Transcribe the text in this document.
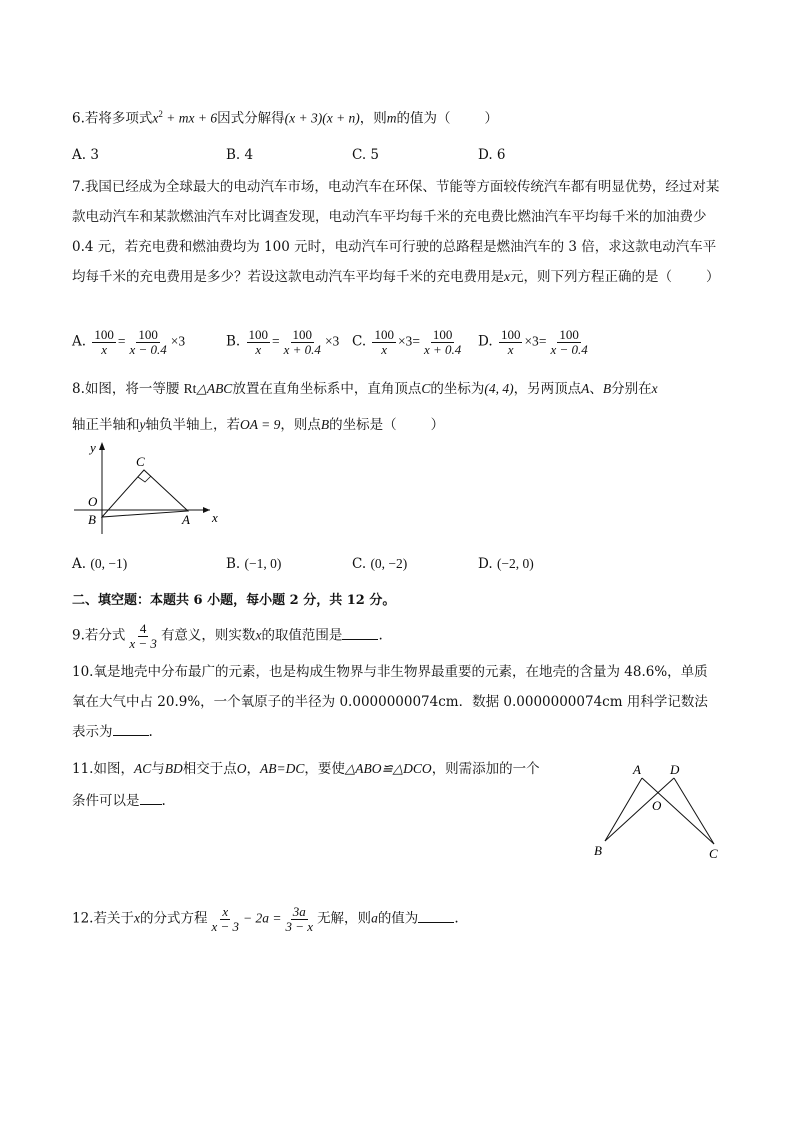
6.若将多项式$x^2$ + mx + 6因式分解得(x + 3)(x + n)，则m的值为（	）
A. 3	B. 4	C. 5	D. 6
7.我国已经成为全球最大的电动汽车市场，电动汽车在环保、节能等方面较传统汽车都有明显优势，经过对某款电动汽车和某款燃油汽车对比调查发现，电动汽车平均每千米的充电费比燃油汽车平均每千米的加油费少 0.4 元，若充电费和燃油费均为 100 元时，电动汽车可行驶的总路程是燃油汽车的 3 倍，求这款电动汽车平均每千米的充电费用是多少？若设这款电动汽车平均每千米的充电费用是x元，则下列方程正确的是（	）
A. $\frac{100}{x} = \frac{100}{x - 0.4} \times 3$	B. $\frac{100}{x} = \frac{100}{x + 0.4} \times 3$ C. $\frac{100}{x} \times 3= \frac{100}{x + 0.4} D$. $\frac{100}{x} \times 3= \frac{100}{x - 0.4}$
8.如图，将一等腰 Rt△ABC放置在直角坐标系中，直角顶点C的坐标为(4, 4)，另两顶点A、B分别在x
轴正半轴和y轴负半轴上，若OA = 9，则点B的坐标是（	）
y
x
O
B	A
C
A. (0, −1)	B. (−1, 0)	C. (0, −2)	D. (−2, 0)
二、填空题：本题共 6 小题，每小题 2 分，共 12 分。
9.若分式 $\frac{4}{x - 3}$ 有意义，则实数x的取值范围是	.
10.氧是地壳中分布最广的元素，也是构成生物界与非生物界最重要的元素，在地壳的含量为 48.6%，单质氧在大气中占 20.9%，一个氧原子的半径为 0.0000000074cm．数据 0.0000000074cm 用科学记数法表示为	.
11.如图，AC与BD相交于点O，AB=DC，要使△ABO≌△DCO，则需添加的一个
条件可以是 .
A D
O
B	C
12.若关于x的分式方程 $\frac{x}{x - 3} - 2a = \frac{3a}{3 - x}$ 无解，则a的值为	.
